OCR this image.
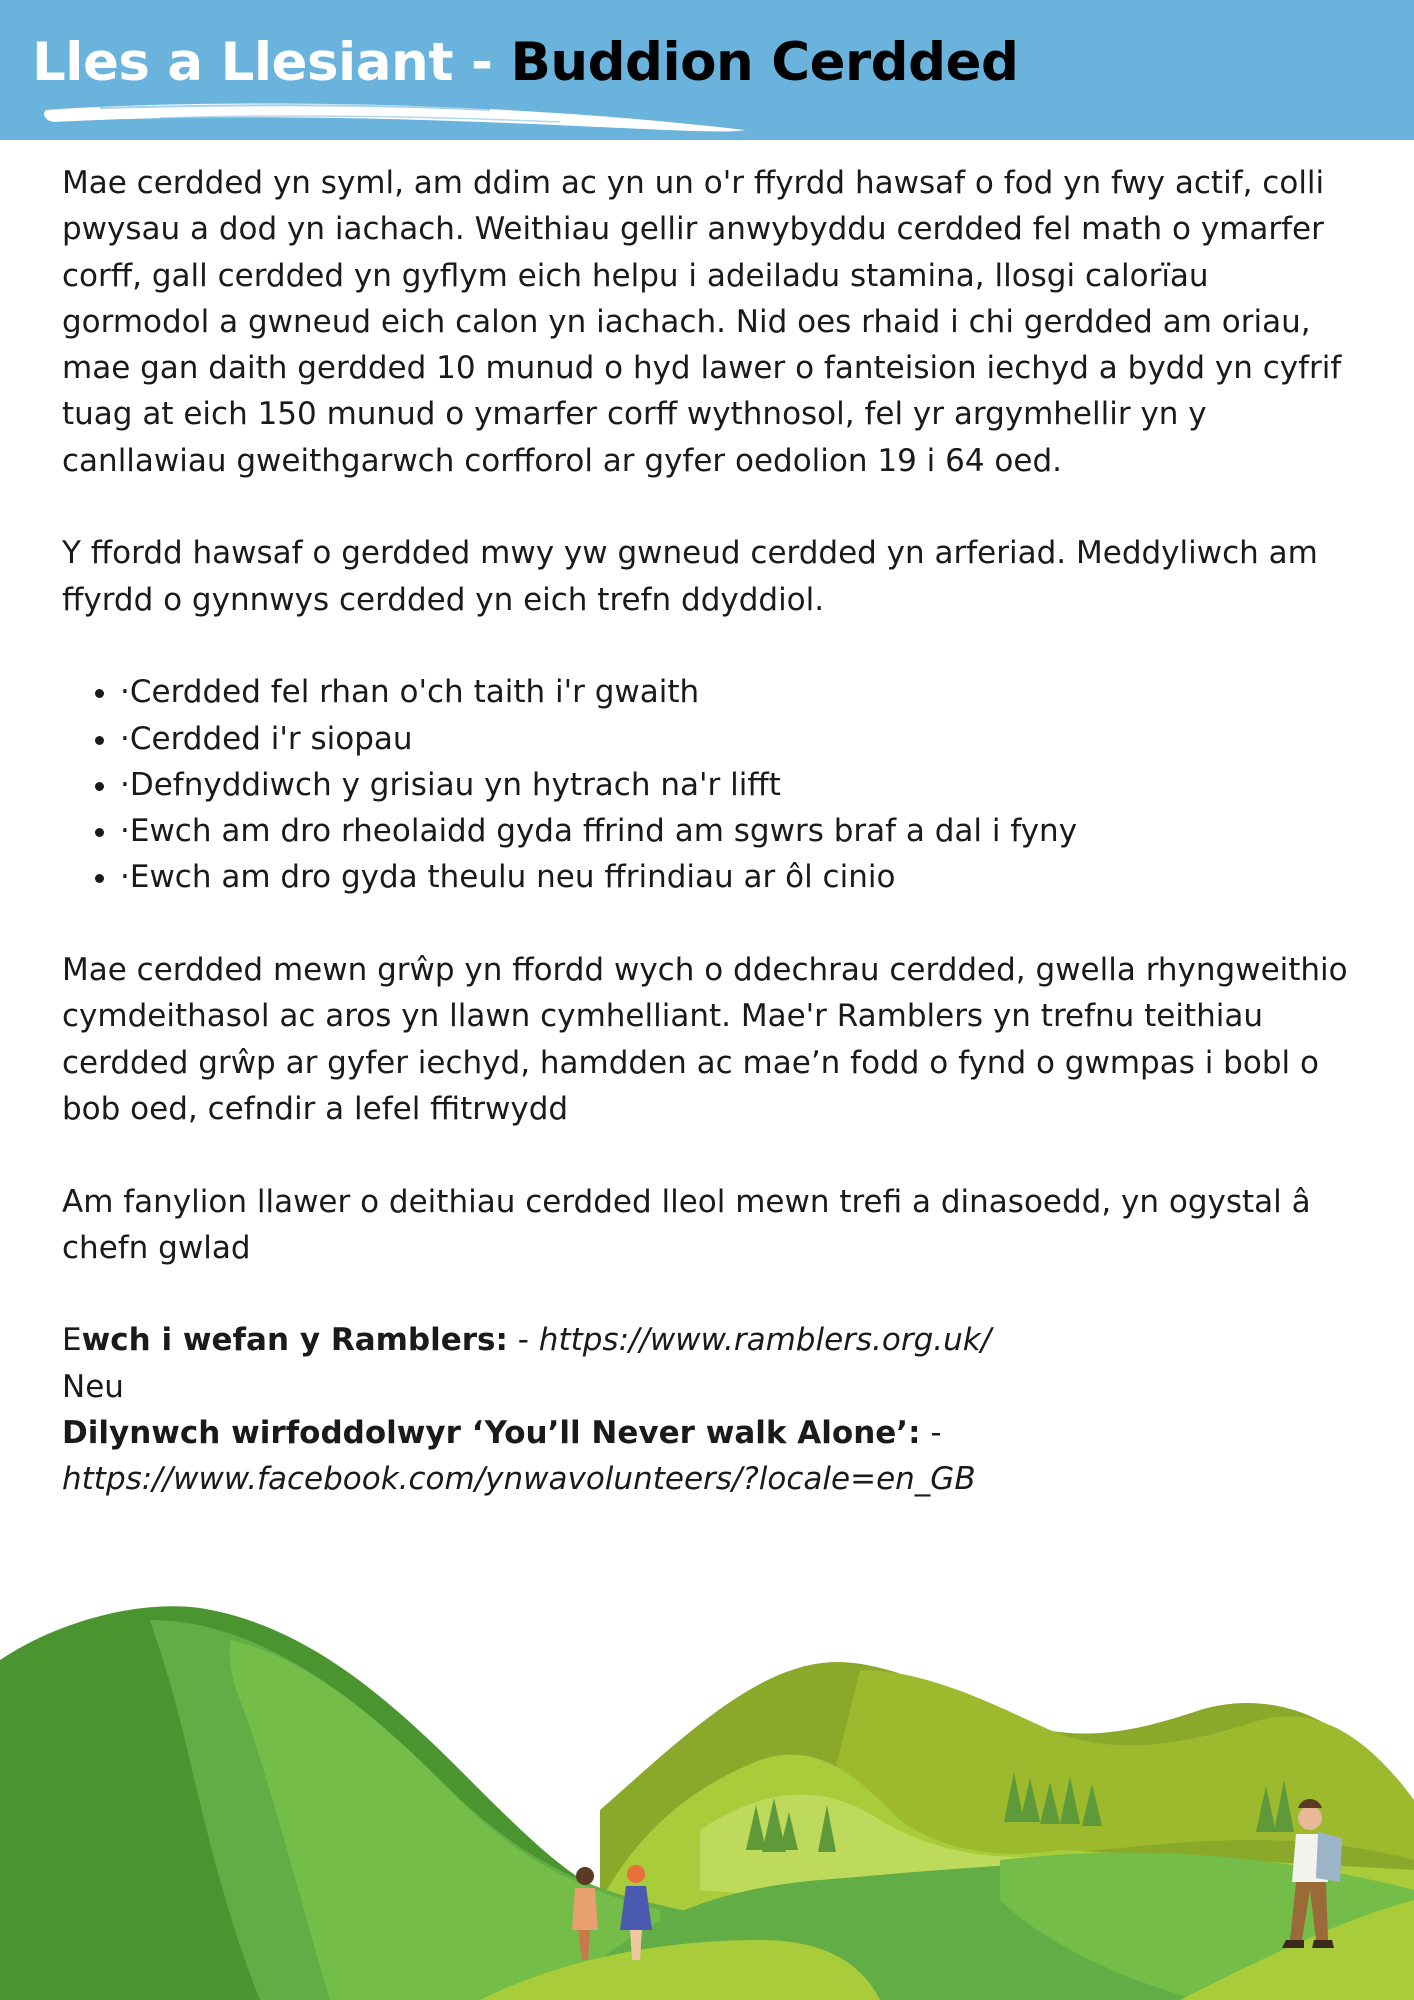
Lles a Llesiant - Buddion Cerdded

Mae cerdded yn syml, am ddim ac yn un o'r ffyrdd hawsaf o fod yn fwy actif, colli pwysau a dod yn iachach. Weithiau gellir anwybyddu cerdded fel math o ymarfer corff, gall cerdded yn gyflym eich helpu i adeiladu stamina, llosgi calorïau gormodol a gwneud eich calon yn iachach. Nid oes rhaid i chi gerdded am oriau, mae gan daith gerdded 10 munud o hyd lawer o fanteision iechyd a bydd yn cyfrif tuag at eich 150 munud o ymarfer corff wythnosol, fel yr argymhellir yn y canllawiau gweithgarwch corfforol ar gyfer oedolion 19 i 64 oed.

Y ffordd hawsaf o gerdded mwy yw gwneud cerdded yn arferiad. Meddyliwch am ffyrdd o gynnwys cerdded yn eich trefn ddyddiol.

• ·Cerdded fel rhan o'ch taith i'r gwaith
• ·Cerdded i'r siopau
• ·Defnyddiwch y grisiau yn hytrach na'r lifft
• ·Ewch am dro rheolaidd gyda ffrind am sgwrs braf a dal i fyny
• ·Ewch am dro gyda theulu neu ffrindiau ar ôl cinio

Mae cerdded mewn grŵp yn ffordd wych o ddechrau cerdded, gwella rhyngweithio cymdeithasol ac aros yn llawn cymhelliant. Mae'r Ramblers yn trefnu teithiau cerdded grŵp ar gyfer iechyd, hamdden ac mae’n fodd o fynd o gwmpas i bobl o bob oed, cefndir a lefel ffitrwydd

Am fanylion llawer o deithiau cerdded lleol mewn trefi a dinasoedd, yn ogystal â chefn gwlad

Ewch i wefan y Ramblers: - https://www.ramblers.org.uk/

Neu

Dilynwch wirfoddolwyr ‘You’ll Never walk Alone’: -

https://www.facebook.com/ynwavolunteers/?locale=en_GB
